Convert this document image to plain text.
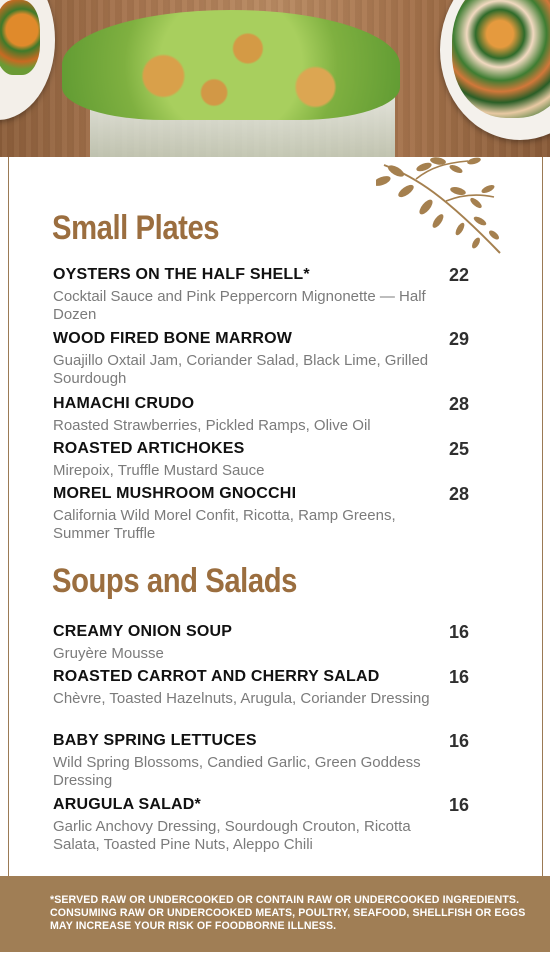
Small Plates
OYSTERS ON THE HALF SHELL*	22
Cocktail Sauce and Pink Peppercorn Mignonette — Half Dozen
WOOD FIRED BONE MARROW	29
Guajillo Oxtail Jam, Coriander Salad, Black Lime, Grilled Sourdough
HAMACHI CRUDO	28
Roasted Strawberries, Pickled Ramps, Olive Oil
ROASTED ARTICHOKES	25
Mirepoix, Truffle Mustard Sauce
MOREL MUSHROOM GNOCCHI	28
California Wild Morel Confit, Ricotta, Ramp Greens, Summer Truffle
Soups and Salads
CREAMY ONION SOUP	16
Gruyère Mousse
ROASTED CARROT AND CHERRY SALAD	16
Chèvre, Toasted Hazelnuts, Arugula, Coriander Dressing
BABY SPRING LETTUCES	16
Wild Spring Blossoms, Candied Garlic, Green Goddess Dressing
ARUGULA SALAD*	16
Garlic Anchovy Dressing, Sourdough Crouton, Ricotta Salata, Toasted Pine Nuts, Aleppo Chili

*SERVED RAW OR UNDERCOOKED OR CONTAIN RAW OR UNDERCOOKED INGREDIENTS. CONSUMING RAW OR UNDERCOOKED MEATS, POULTRY, SEAFOOD, SHELLFISH OR EGGS MAY INCREASE YOUR RISK OF FOODBORNE ILLNESS.
